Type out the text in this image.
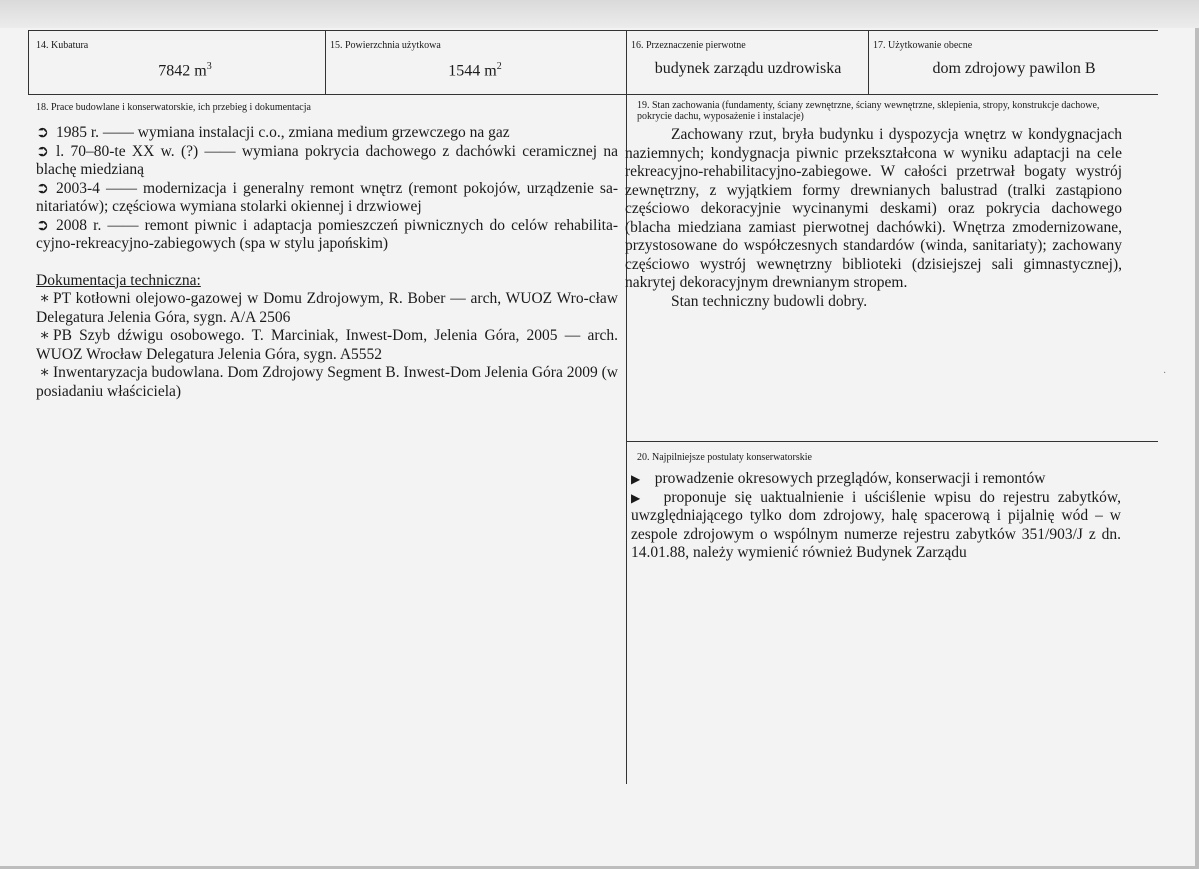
14. Kubatura
7842 $m^3$
15. Powierzchnia użytkowa
1544 $m^2$
16. Przeznaczenie pierwotne
budynek zarządu uzdrowiska
17. Użytkowanie obecne
dom zdrojowy pawilon B
18. Prace budowlane i konserwatorskie, ich przebieg i dokumentacja

➲ 1985 r. —— wymiana instalacji c.o., zmiana medium grzewczego na gaz

➲ l. 70–80-te XX w. (?) —— wymiana pokrycia dachowego z dachówki ceramicznej na blachę miedzianą

➲ 2003-4 —— modernizacja i generalny remont wnętrz (remont pokojów, urządzenie sa-nitariatów); częściowa wymiana stolarki okiennej i drzwiowej

➲ 2008 r. —— remont piwnic i adaptacja pomieszczeń piwnicznych do celów rehabilita-cyjno-rekreacyjno-zabiegowych (spa w stylu japońskim)

Dokumentacja techniczna:

∗ PT kotłowni olejowo-gazowej w Domu Zdrojowym, R. Bober — arch, WUOZ Wro-cław Delegatura Jelenia Góra, sygn. A/A 2506

∗ PB Szyb dźwigu osobowego. T. Marciniak, Inwest-Dom, Jelenia Góra, 2005 — arch. WUOZ Wrocław Delegatura Jelenia Góra, sygn. A5552

∗ Inwentaryzacja budowlana. Dom Zdrojowy Segment B. Inwest-Dom Jelenia Góra 2009 (w posiadaniu właściciela)

19. Stan zachowania (fundamenty, ściany zewnętrzne, ściany wewnętrzne, sklepienia, stropy, konstrukcje dachowe, pokrycie dachu, wyposażenie i instalacje)

Zachowany rzut, bryła budynku i dyspozycja wnętrz w kondygnacjach naziemnych; kondygnacja piwnic przekształcona w wyniku adaptacji na cele rekreacyjno-rehabilitacyjno-zabiegowe. W całości przetrwał bogaty wystrój zewnętrzny, z wyjątkiem formy drewnianych balustrad (tralki zastąpiono częściowo dekoracyjnie wycinanymi deskami) oraz pokrycia dachowego (blacha miedziana zamiast pierwotnej dachówki). Wnętrza zmodernizowane, przystosowane do współczesnych standardów (winda, sanitariaty); zachowany częściowo wystrój wewnętrzny biblioteki (dzisiejszej sali gimnastycznej), nakrytej dekoracyjnym drewnianym stropem.

Stan techniczny budowli dobry.

20. Najpilniejsze postulaty konserwatorskie

▶ prowadzenie okresowych przeglądów, konserwacji i remontów

▶ proponuje się uaktualnienie i uściślenie wpisu do rejestru zabytków, uwzględniającego tylko dom zdrojowy, halę spacerową i pijalnię wód – w zespole zdrojowym o wspólnym numerze rejestru zabytków 351/903/J z dn. 14.01.88, należy wymienić również Budynek Zarządu

·
